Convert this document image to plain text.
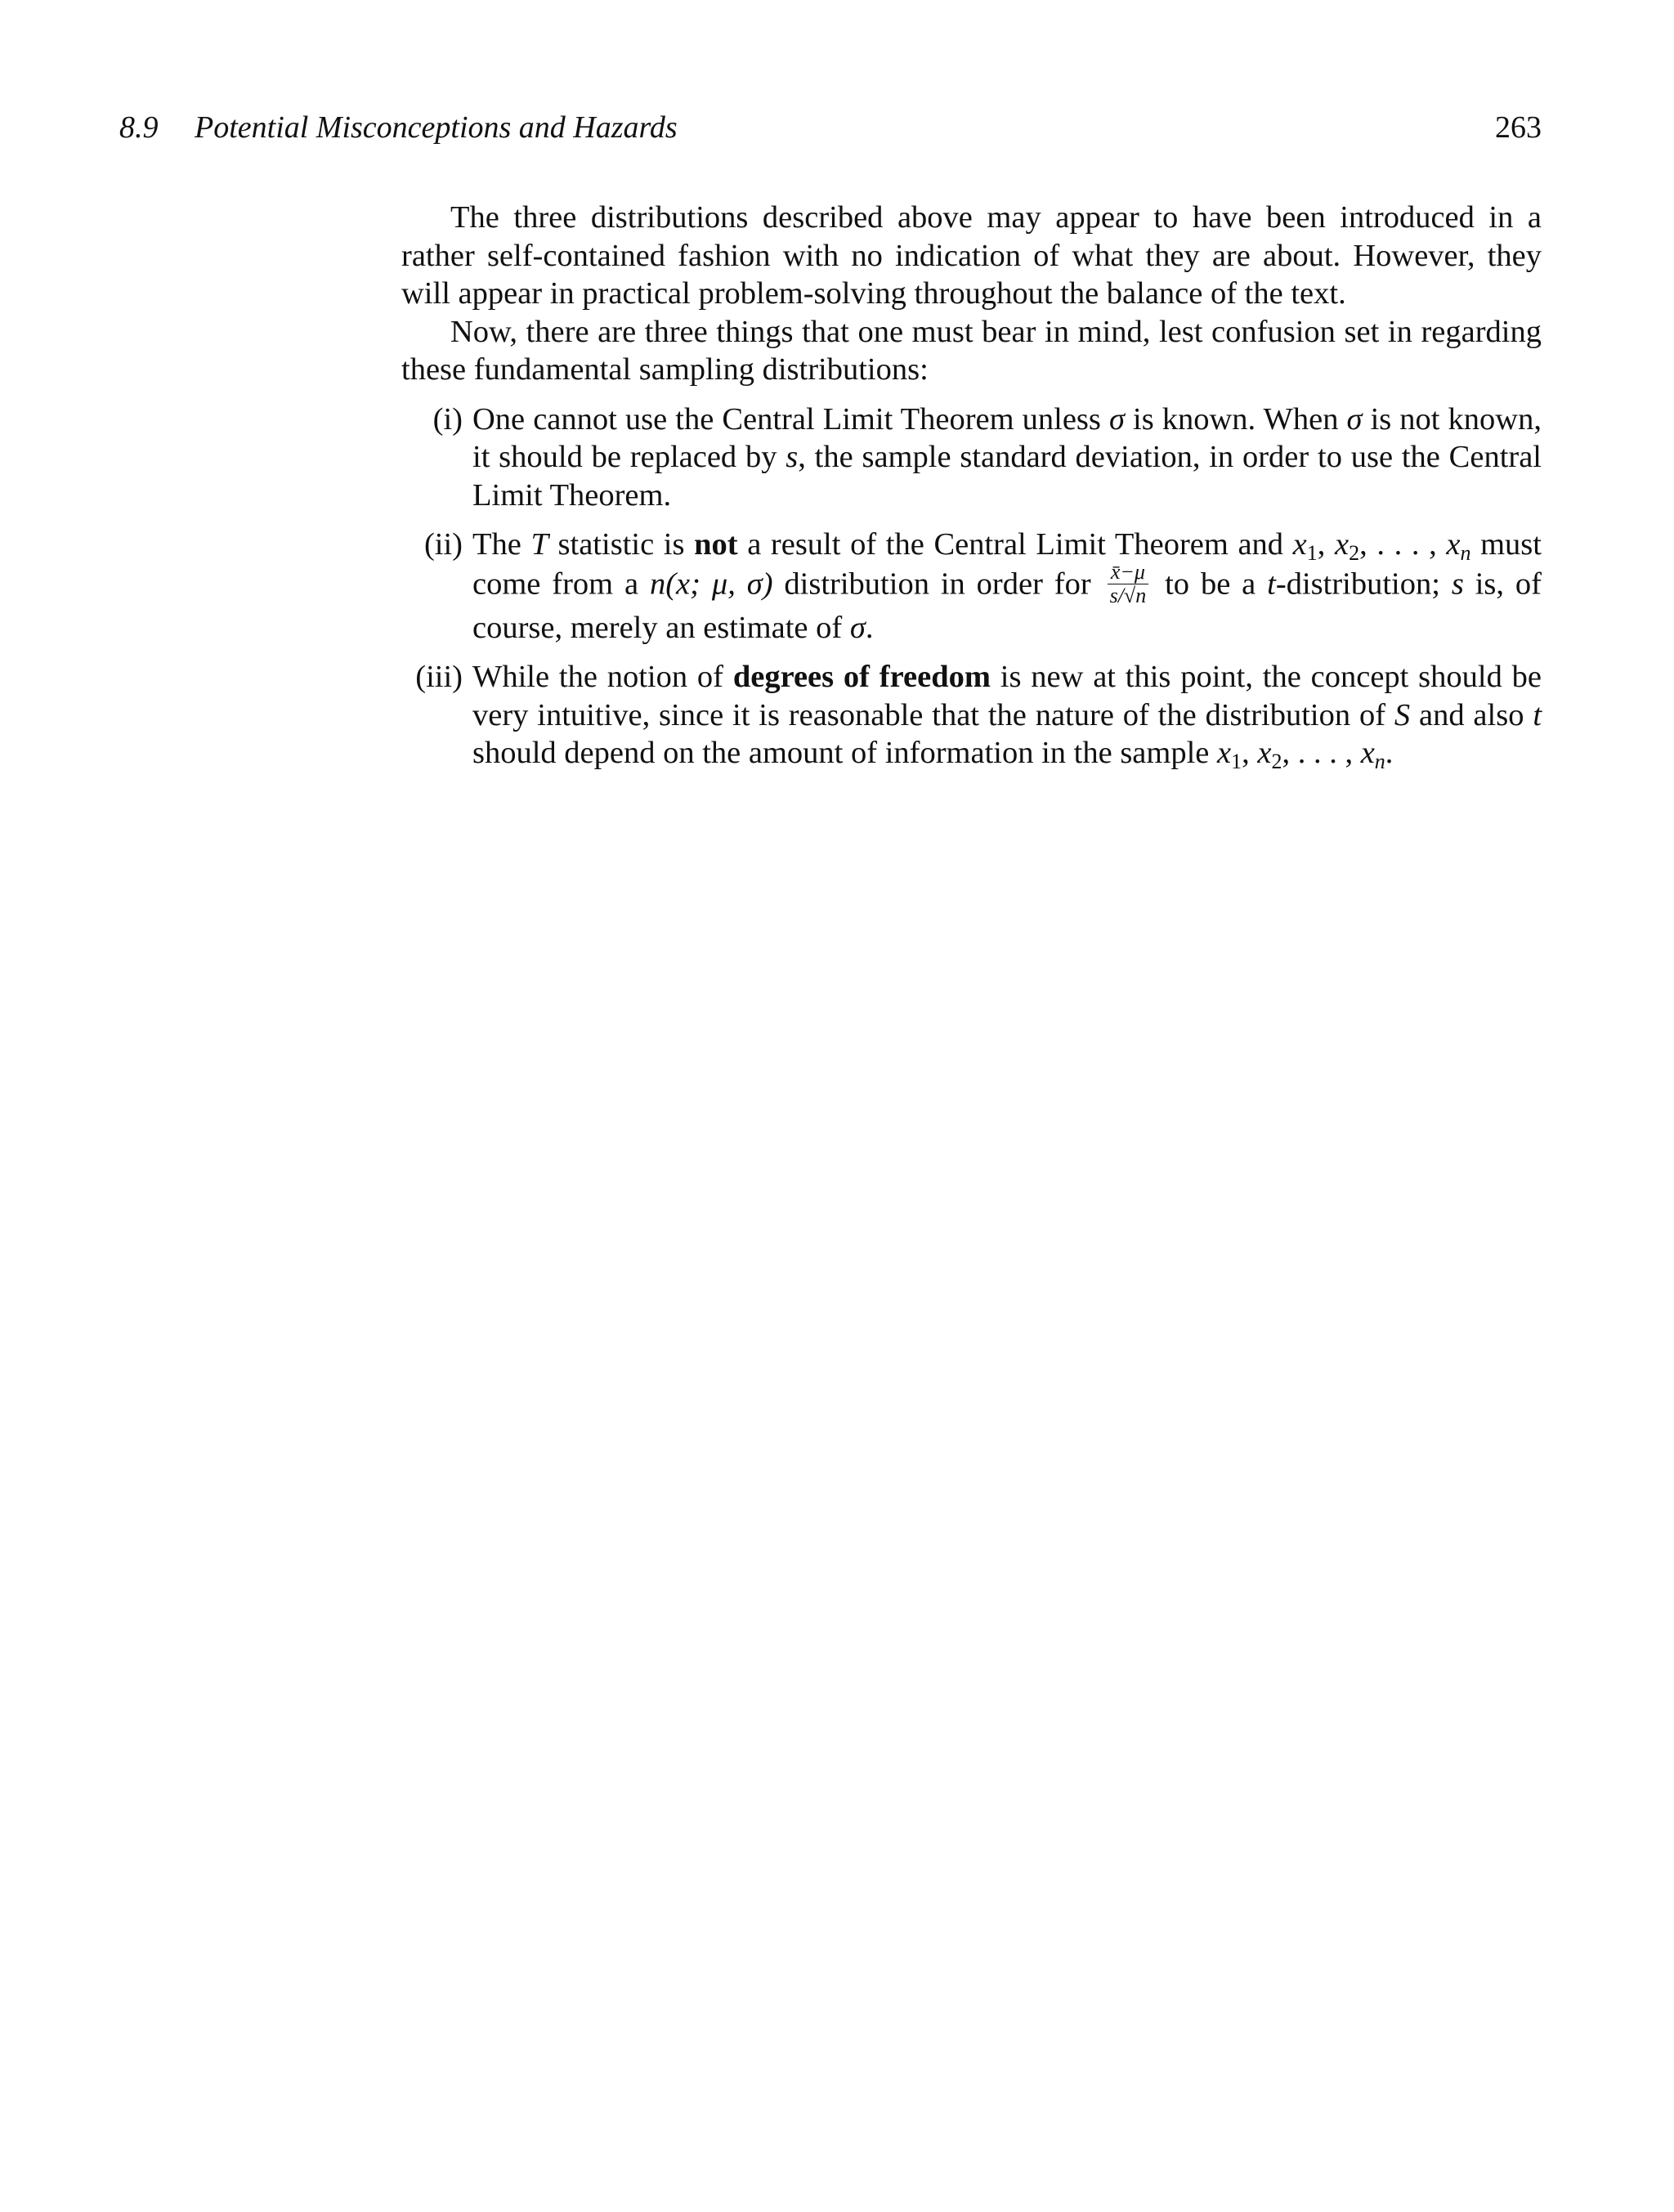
8.9 Potential Misconceptions and Hazards	263

The three distributions described above may appear to have been introduced in a rather self-contained fashion with no indication of what they are about. However, they will appear in practical problem-solving throughout the balance of the text.

Now, there are three things that one must bear in mind, lest confusion set in regarding these fundamental sampling distributions:

(i) One cannot use the Central Limit Theorem unless σ is known. When σ is not known, it should be replaced by s, the sample standard deviation, in order to use the Central Limit Theorem.
(ii) The T statistic is not a result of the Central Limit Theorem and $x_1$, $x_2$, . . . , $x_n$ must come from a n(x; μ, σ) distribution in order for $\frac{x̄-\mu}{s/√n}$ to be a t-distribution; s is, of course, merely an estimate of σ.
(iii) While the notion of degrees of freedom is new at this point, the concept should be very intuitive, since it is reasonable that the nature of the distribution of S and also t should depend on the amount of information in the sample $x_1$, $x_2$, . . . , $x_n$.
